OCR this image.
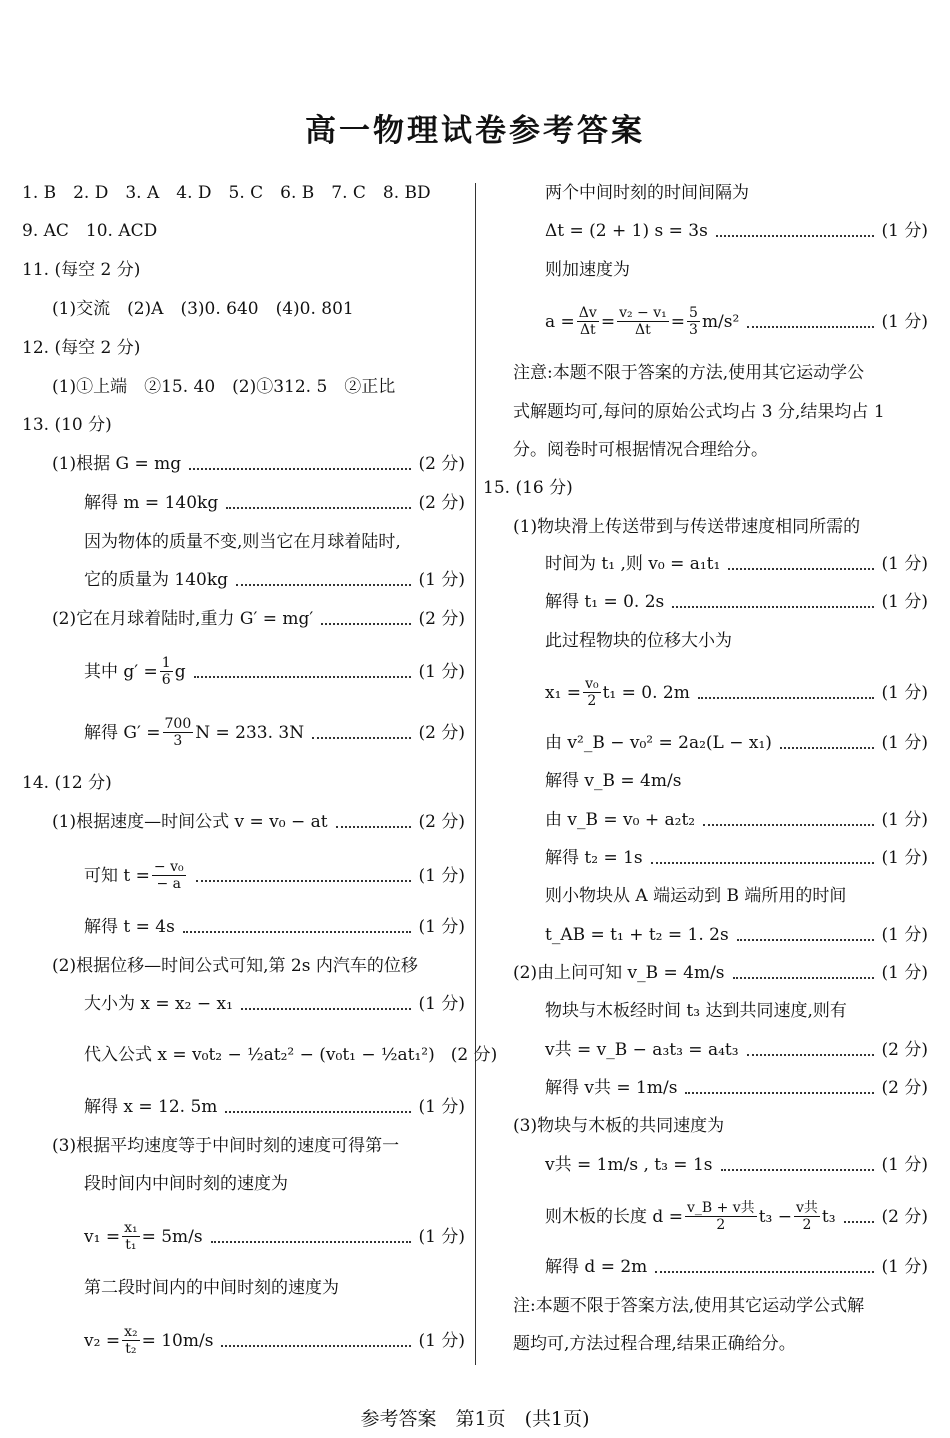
高一物理试卷参考答案
1. B　2. D　3. A　4. D　5. C　6. B　7. C　8. BD
9. AC　10. ACD
11. (每空 2 分)
(1)交流　(2)A　(3)0. 640　(4)0. 801
12. (每空 2 分)
(1)①上端　②15. 40　(2)①312. 5　②正比
13. (10 分)
(1)根据 G = mg	(2 分)
解得 m = 140kg	(2 分)
因为物体的质量不变,则当它在月球着陆时,
它的质量为 140kg	(1 分)
(2)它在月球着陆时,重力 G′ = mg′	(2 分)
其中 $g' = \frac{1}{6}$ g	(1 分)
解得 $G' = \frac{700}{3}$ N = 233. 3N	(2 分)
14. (12 分)
(1)根据速度—时间公式 v = v₀ − at	(2 分)
可知 $t = \frac{\text{− v₀}}{- a}$	(1 分)
解得 t = 4s	(1 分)
(2)根据位移—时间公式可知,第 2s 内汽车的位移
大小为 x = x₂ − x₁	(1 分)
代入公式 x = v₀t₂ − ½at₂² − (v₀t₁ − ½at₁²) (2 分)
解得 x = 12. 5m	(1 分)
(3)根据平均速度等于中间时刻的速度可得第一
段时间内中间时刻的速度为
$v_1 = \frac{\text{x₁}}{\text{t₁}} = 5m/s$	(1 分)
第二段时间内的中间时刻的速度为
$v_2 = \frac{\text{x₂}}{\text{t₂}} = 10m/s$	(1 分)
两个中间时刻的时间间隔为
Δt = (2 + 1) s = 3s	(1 分)
则加速度为
$a = \frac{\Delta v}{\Delta t} = \frac{\text{v₂ − v₁}}{\Delta t} = \frac{5}{3} m/s^2$	(1 分)
注意:本题不限于答案的方法,使用其它运动学公
式解题均可,每问的原始公式均占 3 分,结果均占 1
分。阅卷时可根据情况合理给分。
15. (16 分)
(1)物块滑上传送带到与传送带速度相同所需的
时间为 t₁ ,则 v₀ = a₁t₁	(1 分)
解得 t₁ = 0. 2s	(1 分)
此过程物块的位移大小为
$x_1 = \frac{\text{v₀}}{2} t_1 = 0$. 2m	(1 分)
由 v²_B − v₀² = 2a₂(L − x₁)	(1 分)
解得 v_B = 4m/s
由 v_B = v₀ + a₂t₂	(1 分)
解得 t₂ = 1s	(1 分)
则小物块从 A 端运动到 B 端所用的时间
t_AB = t₁ + t₂ = 1. 2s	(1 分)
(2)由上问可知 v_B = 4m/s	(1 分)
物块与木板经时间 t₃ 达到共同速度,则有
v共 = v_B − a₃t₃ = a₄t₃	(2 分)
解得 v共 = 1m/s	(2 分)
(3)物块与木板的共同速度为
v共 = 1m/s , t₃ = 1s	(1 分)
则木板的长度 $d = \frac{\text{v\_B + v共}}{2} t_3 - \frac{\text{v共}}{2} t_3$	(2 分)
解得 d = 2m	(1 分)
注:本题不限于答案方法,使用其它运动学公式解
题均可,方法过程合理,结果正确给分。
参考答案　第1页　(共1页)
